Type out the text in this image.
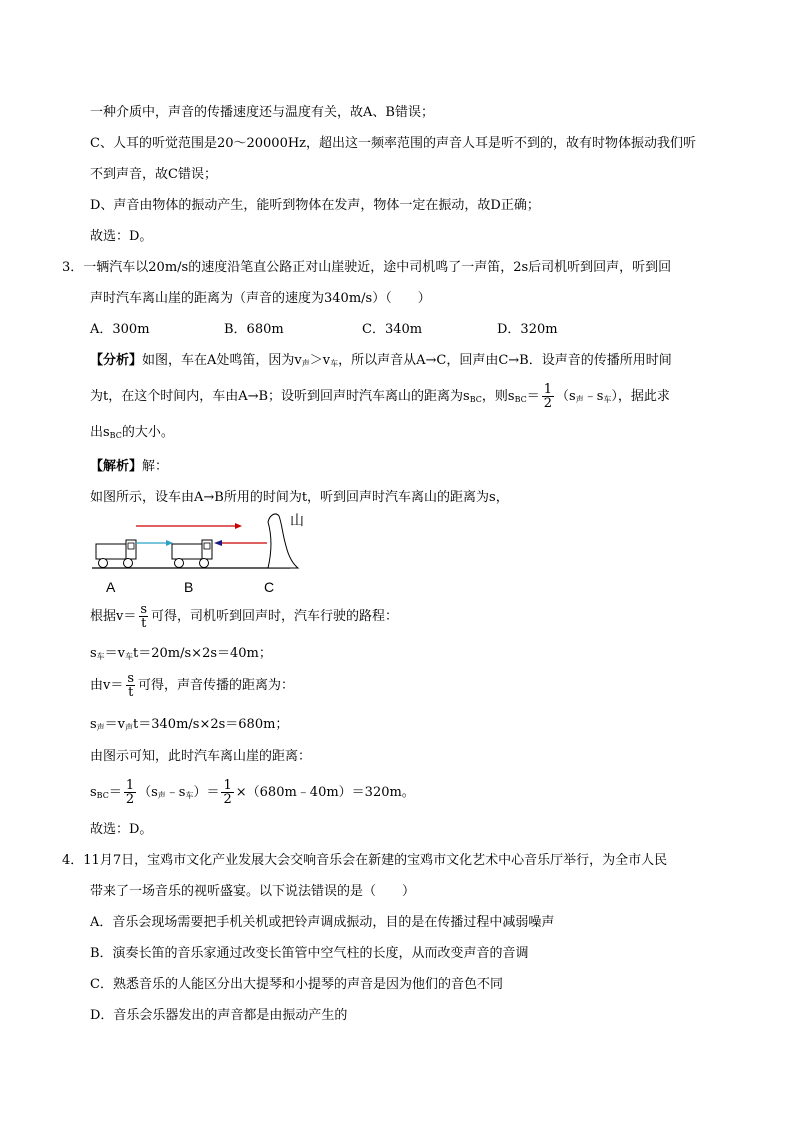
一种介质中，声音的传播速度还与温度有关，故A、B错误；
C、人耳的听觉范围是20～20000Hz，超出这一频率范围的声音人耳是听不到的，故有时物体振动我们听
不到声音，故C错误；
D、声音由物体的振动产生，能听到物体在发声，物体一定在振动，故D正确；
故选：D。
3．一辆汽车以20m/s的速度沿笔直公路正对山崖驶近，途中司机鸣了一声笛，2s后司机听到回声，听到回
声时汽车离山崖的距离为（声音的速度为340m/s）（　　）
A．300m	B．680m	C．340m	D．320m
【分析】如图，车在A处鸣笛，因为$v_声>v_车$，所以声音从A→C，回声由C→B．设声音的传播所用时间
为t，在这个时间内，车由A→B；设听到回声时汽车离山的距离为$s_{BC}$，则$s_{BC}= \frac{1}{2}$ $(s_声﹣s_车)$，据此求
出$s_{BC}$的大小。
【解析】解：
如图所示，设车由A→B所用的时间为t，听到回声时汽车离山的距离为s，
山
A	B	C
根据$v= \frac{s}{t}$ 可得，司机听到回声时，汽车行驶的路程：
$s_车=v_车t=20m/s\times 2s=40m$；
由$v= \frac{s}{t}$ 可得，声音传播的距离为：
$s_声=v_声t=340m/s\times 2s=680m$；
由图示可知，此时汽车离山崖的距离：
$s_{BC}= \frac{1}{2}$ $(s_声﹣s_车)= \frac{1}{2}$ ×（680m﹣40m）＝320m。
故选：D。
4．11月7日，宝鸡市文化产业发展大会交响音乐会在新建的宝鸡市文化艺术中心音乐厅举行，为全市人民
带来了一场音乐的视听盛宴。以下说法错误的是（　　）
A．音乐会现场需要把手机关机或把铃声调成振动，目的是在传播过程中减弱噪声
B．演奏长笛的音乐家通过改变长笛管中空气柱的长度，从而改变声音的音调
C．熟悉音乐的人能区分出大提琴和小提琴的声音是因为他们的音色不同
D．音乐会乐器发出的声音都是由振动产生的
